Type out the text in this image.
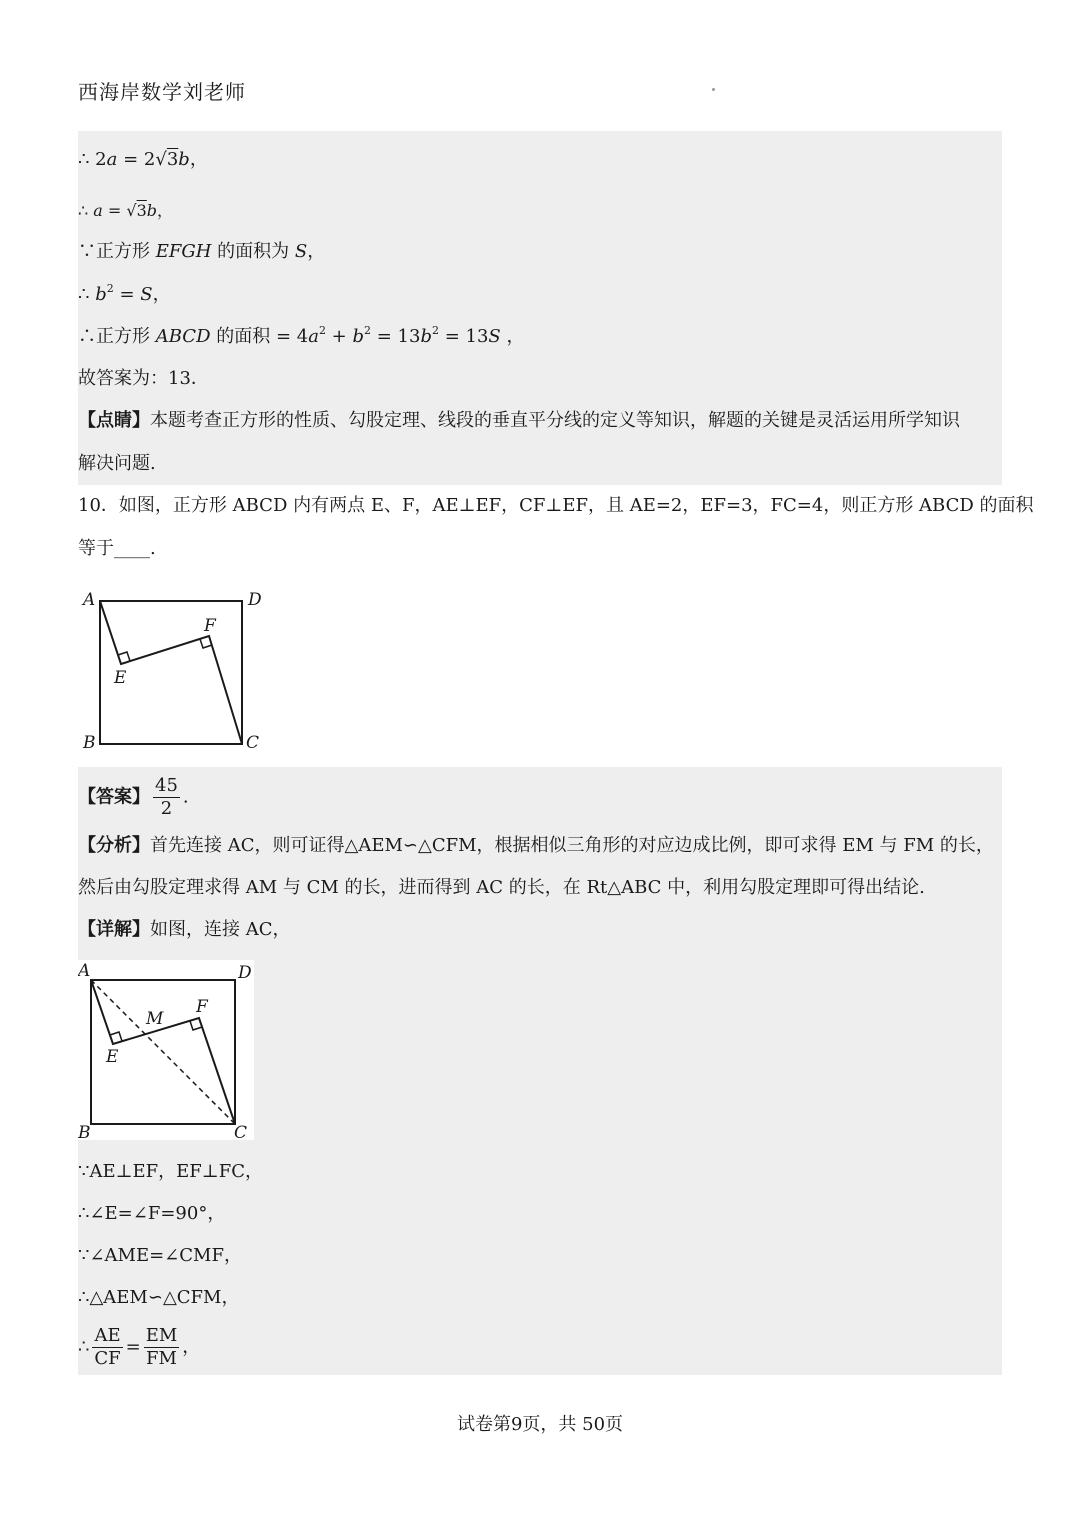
西海岸数学刘老师
∴ 2a = 2√3b，
∴ a = √3b，
∵正方形 EFGH 的面积为 S，
∴ $b^2 = S$，
∴正方形 ABCD 的面积 = $4a^2 + b^2 = 13b^2 = 13S$ ，
故答案为：13．
【点睛】本题考查正方形的性质、勾股定理、线段的垂直平分线的定义等知识，解题的关键是灵活运用所学知识
解决问题.
10．如图，正方形 ABCD 内有两点 E、F，AE⊥EF，CF⊥EF，且 AE=2，EF=3，FC=4，则正方形 ABCD 的面积
等于____.
A	D
B	C
E
F
【答案】 $\frac{45}{2}$ .
【分析】首先连接 AC，则可证得△AEM∽△CFM，根据相似三角形的对应边成比例，即可求得 EM 与 FM 的长，
然后由勾股定理求得 AM 与 CM 的长，进而得到 AC 的长，在 Rt△ABC 中，利用勾股定理即可得出结论.
【详解】如图，连接 AC，
A	D
B	C
E
F
M
∵AE⊥EF，EF⊥FC，
∴∠E=∠F=90°，
∵∠AME=∠CMF，
∴△AEM∽△CFM，
∴ $\frac{AE}{CF} = \frac{EM}{FM}$ ，
试卷第9页，共 50页
